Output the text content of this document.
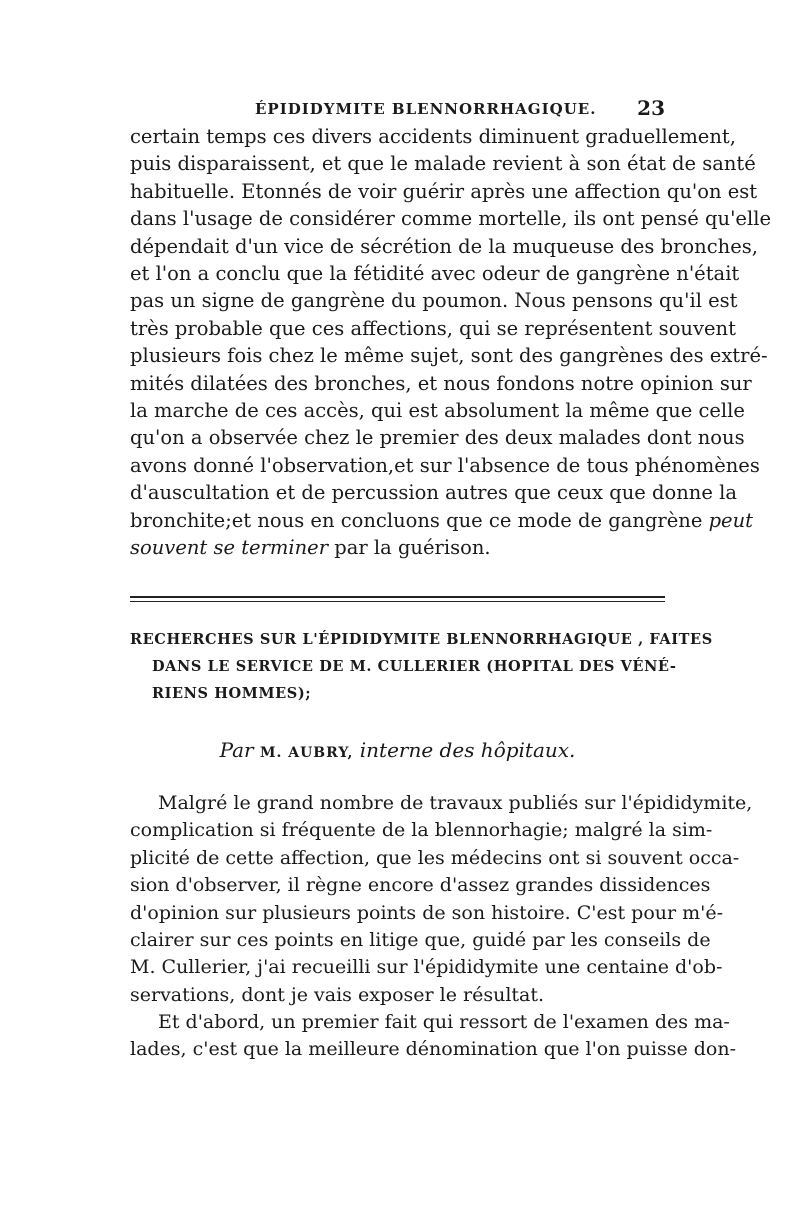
ÉPIDIDYMITE BLENNORRHAGIQUE. 23

certain temps ces divers accidents diminuent graduellement,
puis disparaissent, et que le malade revient à son état de santé
habituelle. Etonnés de voir guérir après une affection qu'on est
dans l'usage de considérer comme mortelle, ils ont pensé qu'elle
dépendait d'un vice de sécrétion de la muqueuse des bronches,
et l'on a conclu que la fétidité avec odeur de gangrène n'était
pas un signe de gangrène du poumon. Nous pensons qu'il est
très probable que ces affections, qui se représentent souvent
plusieurs fois chez le même sujet, sont des gangrènes des extré-
mités dilatées des bronches, et nous fondons notre opinion sur
la marche de ces accès, qui est absolument la même que celle
qu'on a observée chez le premier des deux malades dont nous
avons donné l'observation,et sur l'absence de tous phénomènes
d'auscultation et de percussion autres que ceux que donne la
bronchite;et nous en concluons que ce mode de gangrène peut
souvent se terminer par la guérison.

RECHERCHES SUR L'ÉPIDIDYMITE BLENNORRHAGIQUE , FAITES
DANS LE SERVICE DE M. CULLERIER (HOPITAL DES VÉNÉ-
RIENS HOMMES);
Par M. AUBRY, interne des hôpitaux.

Malgré le grand nombre de travaux publiés sur l'épididymite,
complication si fréquente de la blennorhagie; malgré la sim-
plicité de cette affection, que les médecins ont si souvent occa-
sion d'observer, il règne encore d'assez grandes dissidences
d'opinion sur plusieurs points de son histoire. C'est pour m'é-
clairer sur ces points en litige que, guidé par les conseils de
M. Cullerier, j'ai recueilli sur l'épididymite une centaine d'ob-
servations, dont je vais exposer le résultat.

Et d'abord, un premier fait qui ressort de l'examen des ma-
lades, c'est que la meilleure dénomination que l'on puisse don-
